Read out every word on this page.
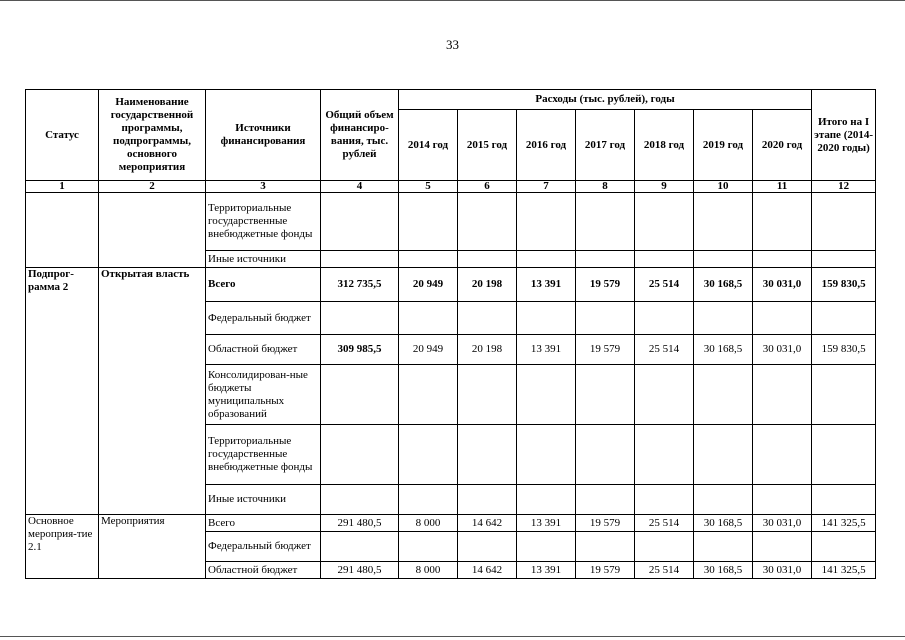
33
Статус	Наименование государственной программы, подпрограммы, основного мероприятия	Источники финансирования	Общий объем финансиро-вания, тыс. рублей	Расходы (тыс. рублей), годы							Итого на I этапе (2014-2020 годы)
				2014 год	2015 год	2016 год	2017 год	2018 год	2019 год	2020 год	
1	2	3	4	5	6	7	8	9	10	11	12
		Территориальные государственные внебюджетные фонды									
		Иные источники									
Подпрог-рамма 2	Открытая власть	Всего	312 735,5	20 949	20 198	13 391	19 579	25 514	30 168,5	30 031,0	159 830,5
		Федеральный бюджет									
		Областной бюджет	309 985,5	20 949	20 198	13 391	19 579	25 514	30 168,5	30 031,0	159 830,5
		Консолидирован-ные бюджеты муниципальных образований									
		Территориальные государственные внебюджетные фонды									
		Иные источники									
Основное мероприя-тие 2.1	Мероприятия	Всего	291 480,5	8 000	14 642	13 391	19 579	25 514	30 168,5	30 031,0	141 325,5
		Федеральный бюджет									
		Областной бюджет	291 480,5	8 000	14 642	13 391	19 579	25 514	30 168,5	30 031,0	141 325,5
